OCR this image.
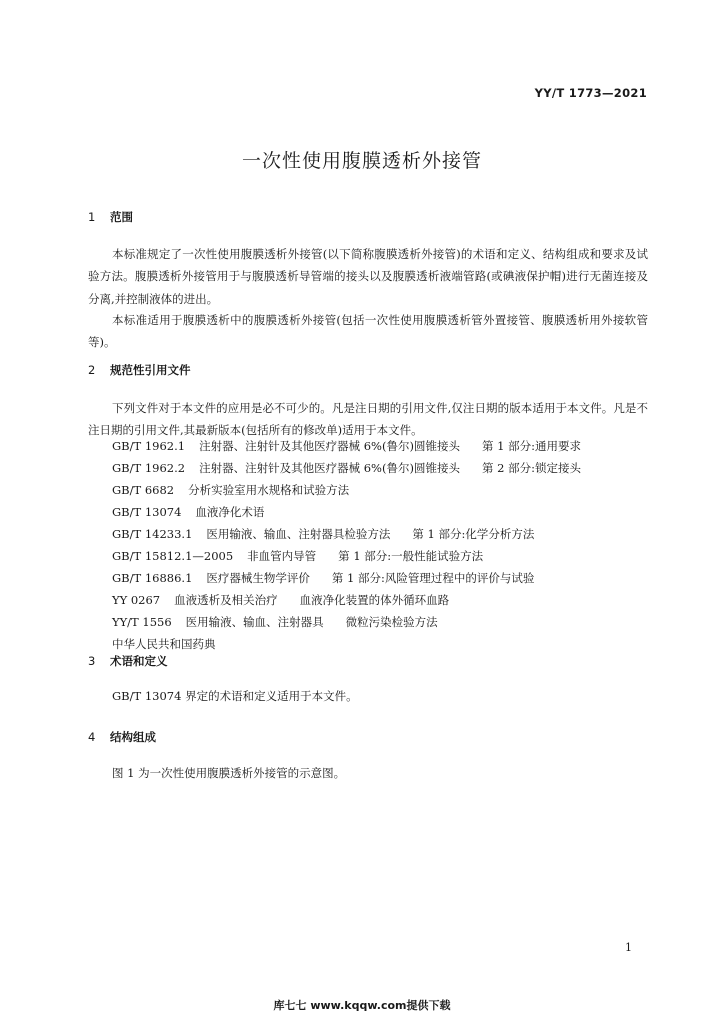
YY/T 1773—2021
一次性使用腹膜透析外接管
1 范围

本标准规定了一次性使用腹膜透析外接管(以下简称腹膜透析外接管)的术语和定义、结构组成和要求及试验方法。腹膜透析外接管用于与腹膜透析导管端的接头以及腹膜透析液端管路(或碘液保护帽)进行无菌连接及分离,并控制液体的进出。

本标准适用于腹膜透析中的腹膜透析外接管(包括一次性使用腹膜透析管外置接管、腹膜透析用外接软管等)。

2 规范性引用文件

下列文件对于本文件的应用是必不可少的。凡是注日期的引用文件,仅注日期的版本适用于本文件。凡是不注日期的引用文件,其最新版本(包括所有的修改单)适用于本文件。

GB/T 1962.1 注射器、注射针及其他医疗器械 6%(鲁尔)圆锥接头 第 1 部分:通用要求
GB/T 1962.2 注射器、注射针及其他医疗器械 6%(鲁尔)圆锥接头 第 2 部分:锁定接头
GB/T 6682 分析实验室用水规格和试验方法
GB/T 13074 血液净化术语
GB/T 14233.1 医用输液、输血、注射器具检验方法 第 1 部分:化学分析方法
GB/T 15812.1—2005 非血管内导管 第 1 部分:一般性能试验方法
GB/T 16886.1 医疗器械生物学评价 第 1 部分:风险管理过程中的评价与试验
YY 0267 血液透析及相关治疗 血液净化装置的体外循环血路
YY/T 1556 医用输液、输血、注射器具 微粒污染检验方法
中华人民共和国药典
3 术语和定义

GB/T 13074 界定的术语和定义适用于本文件。

4 结构组成

图 1 为一次性使用腹膜透析外接管的示意图。

1
库七七 www.kqqw.com提供下载
